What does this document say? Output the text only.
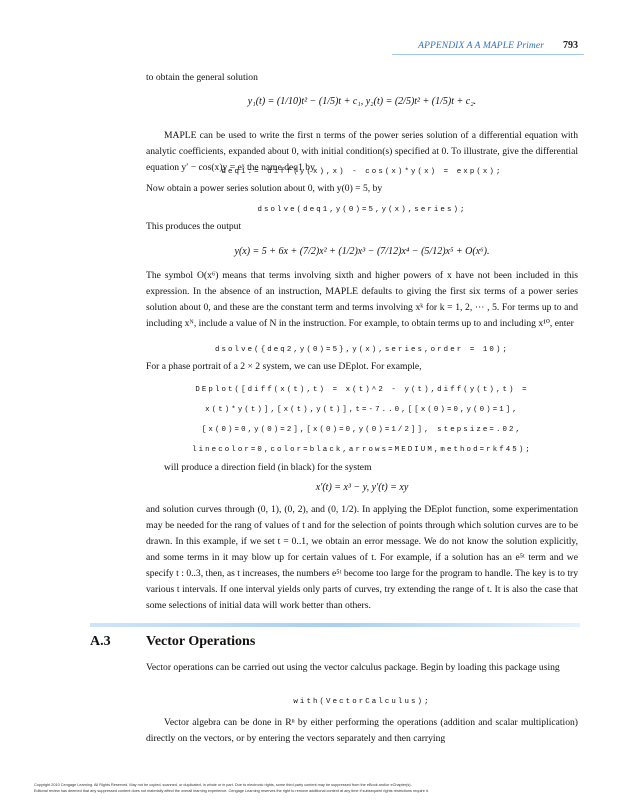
APPENDIX A A MAPLE Primer 793

to obtain the general solution

y₁(t) = (1/10)t² − (1/5)t + c₁, y₂(t) = (2/5)t² + (1/5)t + c₂.

MAPLE can be used to write the first n terms of the power series solution of a differential equation with analytic coefficients, expanded about 0, with initial condition(s) specified at 0. To illustrate, give the differential equation y′ − cos(x)y = eˣ the name deq1 by

deq1:= diff(y(x),x) - cos(x)*y(x) = exp(x);

Now obtain a power series solution about 0, with y(0) = 5, by

dsolve(deq1,y(0)=5,y(x),series);

This produces the output

y(x) = 5 + 6x + (7/2)x² + (1/2)x³ − (7/12)x⁴ − (5/12)x⁵ + O(x⁶).

The symbol O(x⁶) means that terms involving sixth and higher powers of x have not been included in this expression. In the absence of an instruction, MAPLE defaults to giving the first six terms of a power series solution about 0, and these are the constant term and terms involving xᵏ for k = 1, 2, ⋯ , 5. For terms up to and including xᴺ, include a value of N in the instruction. For example, to obtain terms up to and including x¹⁰, enter

dsolve({deq2,y(0)=5},y(x),series,order = 10);

For a phase portrait of a 2 × 2 system, we can use DEplot. For example,

DEplot([diff(x(t),t) = x(t)^2 - y(t),diff(y(t),t) =

x(t)*y(t)],[x(t),y(t)],t=-7..0,[[x(0)=0,y(0)=1],

[x(0)=0,y(0)=2],[x(0)=0,y(0)=1/2]], stepsize=.02,

linecolor=0,color=black,arrows=MEDIUM,method=rkf45);

will produce a direction field (in black) for the system

x′(t) = x³ − y, y′(t) = xy

and solution curves through (0, 1), (0, 2), and (0, 1/2). In applying the DEplot function, some experimentation may be needed for the rang of values of t and for the selection of points through which solution curves are to be drawn. In this example, if we set t = 0..1, we obtain an error message. We do not know the solution explicitly, and some terms in it may blow up for certain values of t. For example, if a solution has an e⁵ᵗ term and we specify t : 0..3, then, as t increases, the numbers e⁵ᵗ become too large for the program to handle. The key is to try various t intervals. If one interval yields only parts of curves, try extending the range of t. It is also the case that some selections of initial data will work better than others.

A.3	Vector Operations

Vector operations can be carried out using the vector calculus package. Begin by loading this package using

with(VectorCalculus);

Vector algebra can be done in Rⁿ by either performing the operations (addition and scalar multiplication) directly on the vectors, or by entering the vectors separately and then carrying

Copyright 2010 Cengage Learning. All Rights Reserved. May not be copied, scanned, or duplicated, in whole or in part. Due to electronic rights, some third party content may be suppressed from the eBook and/or eChapter(s).
Editorial review has deemed that any suppressed content does not materially affect the overall learning experience. Cengage Learning reserves the right to remove additional content at any time if subsequent rights restrictions require it.
